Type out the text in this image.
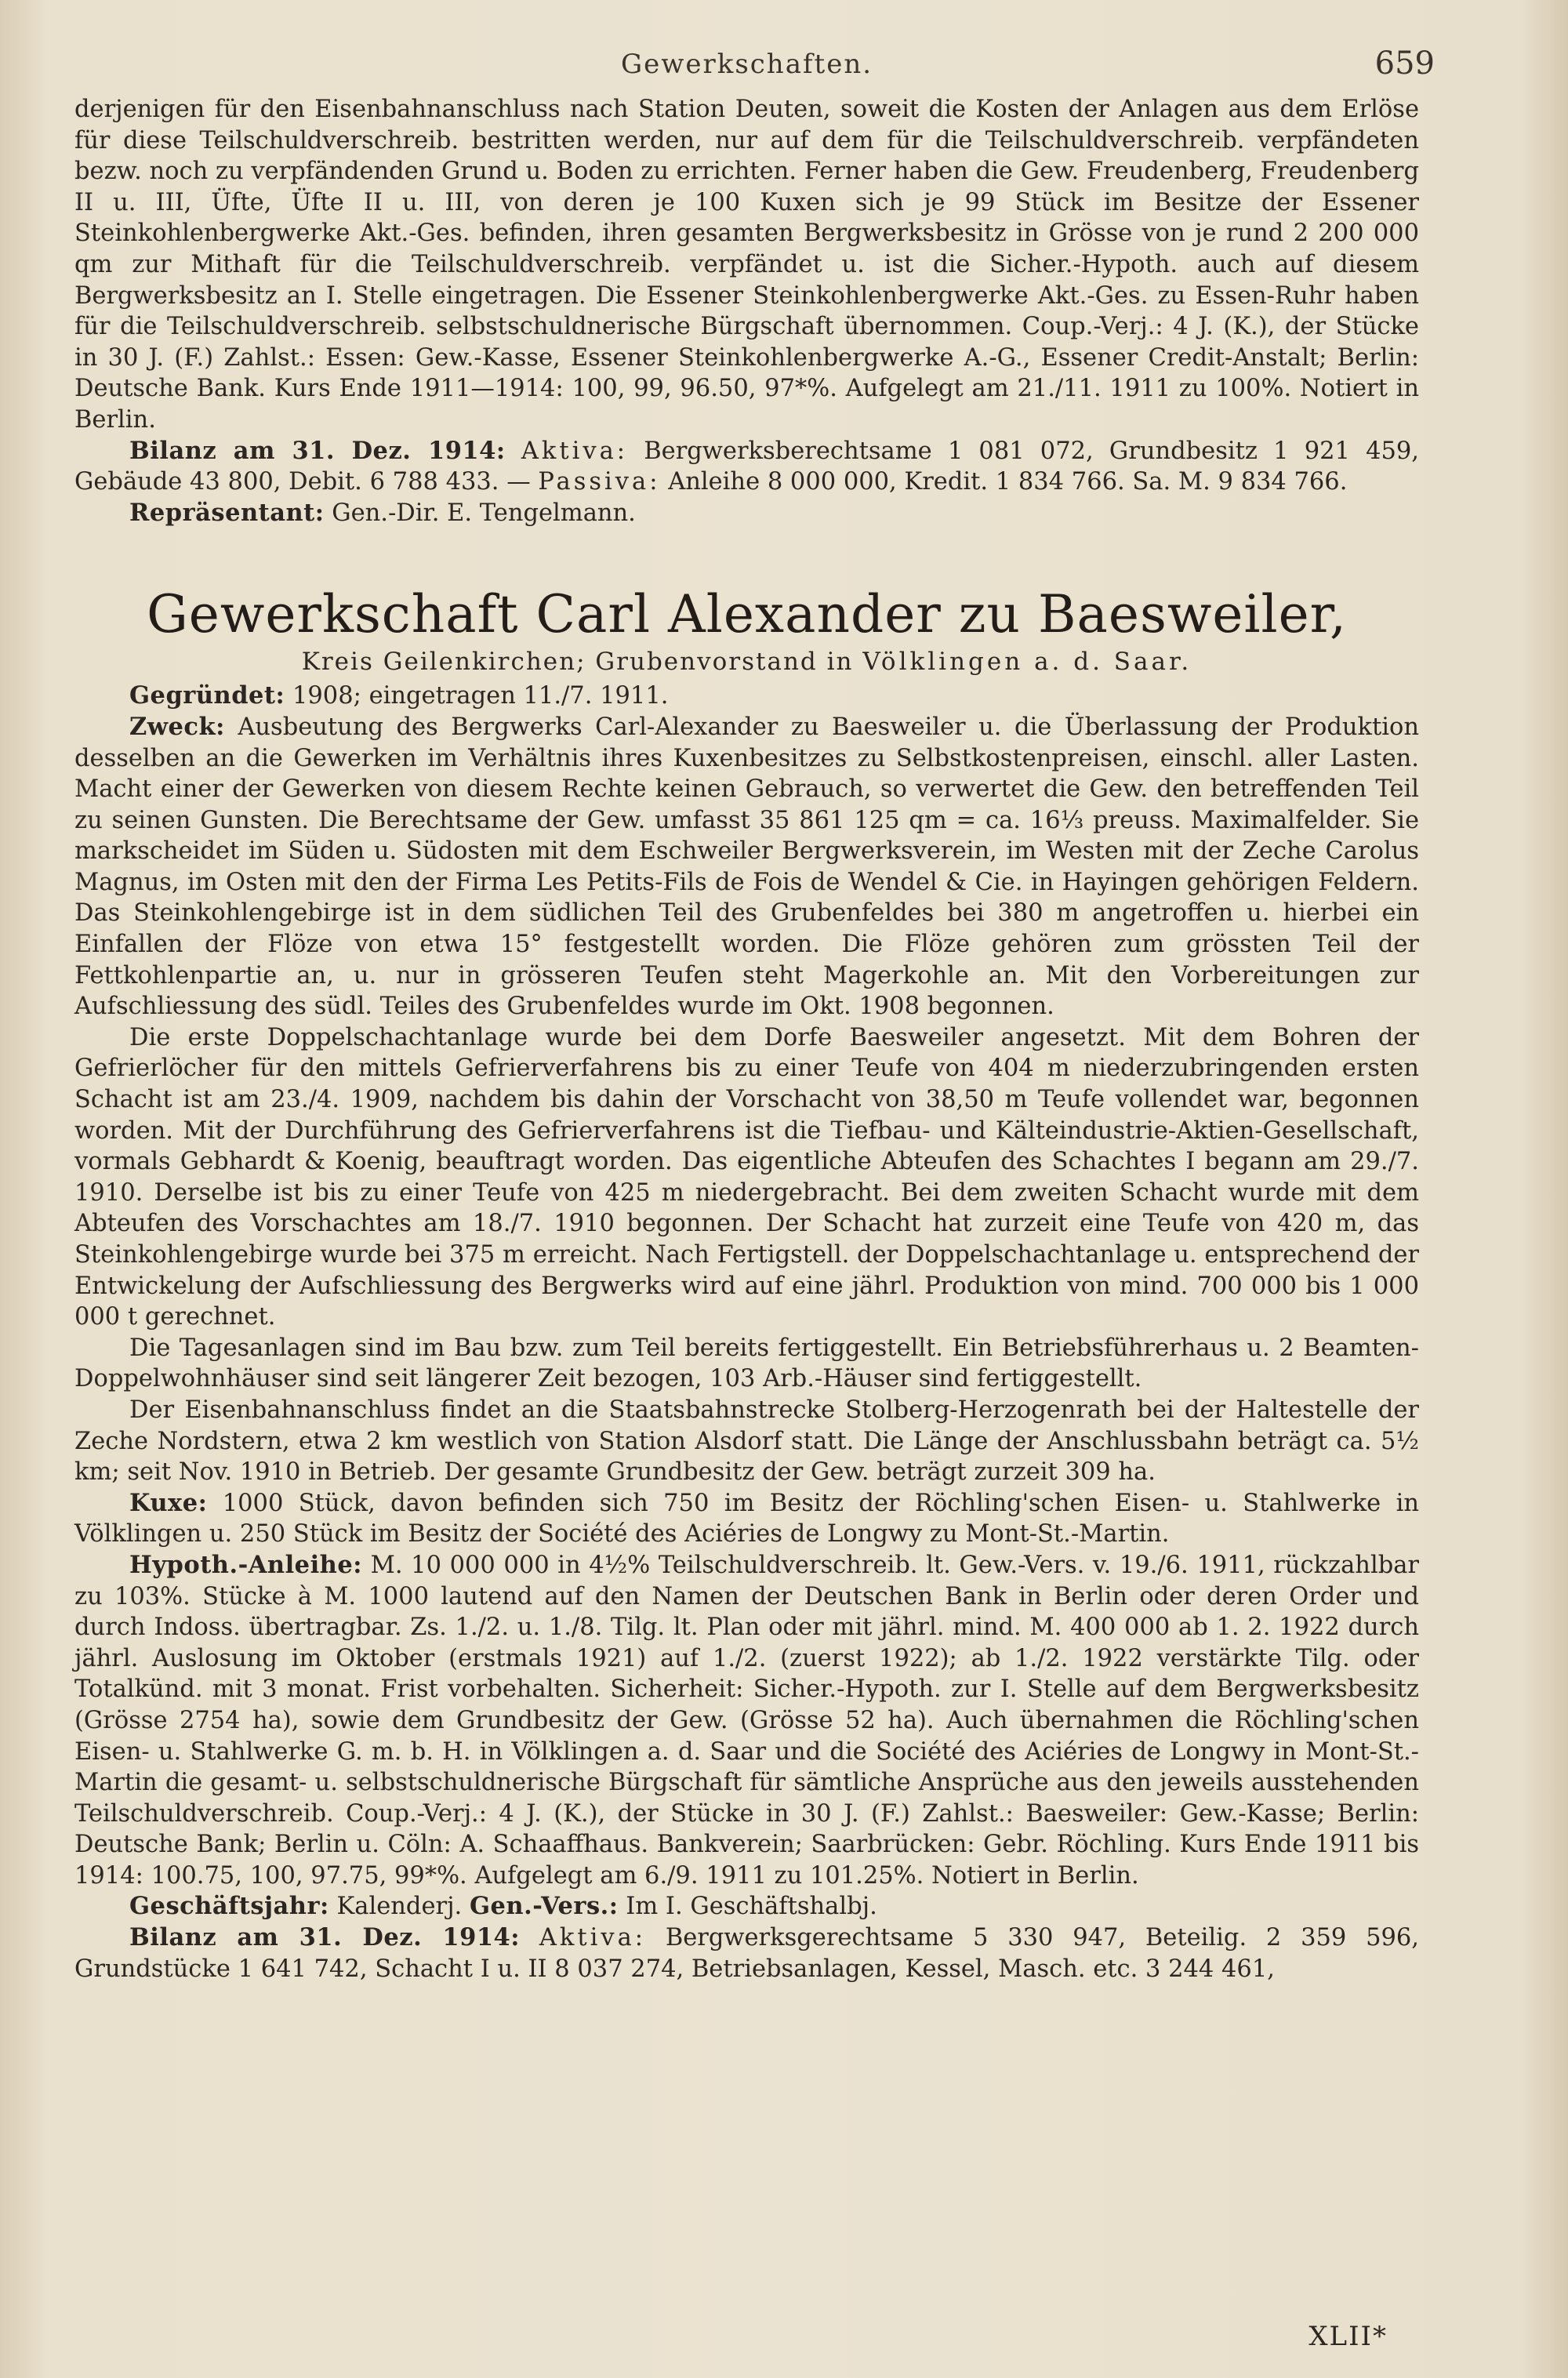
Gewerkschaften.	659

derjenigen für den Eisenbahnanschluss nach Station Deuten, soweit die Kosten der Anlagen aus dem Erlöse für diese Teilschuldverschreib. bestritten werden, nur auf dem für die Teilschuldverschreib. verpfändeten bezw. noch zu verpfändenden Grund u. Boden zu errichten. Ferner haben die Gew. Freudenberg, Freudenberg II u. III, Üfte, Üfte II u. III, von deren je 100 Kuxen sich je 99 Stück im Besitze der Essener Steinkohlenbergwerke Akt.-Ges. befinden, ihren gesamten Bergwerksbesitz in Grösse von je rund 2 200 000 qm zur Mithaft für die Teilschuldverschreib. verpfändet u. ist die Sicher.-Hypoth. auch auf diesem Bergwerksbesitz an I. Stelle eingetragen. Die Essener Steinkohlenbergwerke Akt.-Ges. zu Essen-Ruhr haben für die Teilschuldverschreib. selbstschuldnerische Bürgschaft übernommen. Coup.-Verj.: 4 J. (K.), der Stücke in 30 J. (F.) Zahlst.: Essen: Gew.-Kasse, Essener Steinkohlenbergwerke A.-G., Essener Credit-Anstalt; Berlin: Deutsche Bank. Kurs Ende 1911—1914: 100, 99, 96.50, 97*%. Aufgelegt am 21./11. 1911 zu 100%. Notiert in Berlin.

Bilanz am 31. Dez. 1914: Aktiva: Bergwerksberechtsame 1 081 072, Grundbesitz 1 921 459, Gebäude 43 800, Debit. 6 788 433. — Passiva: Anleihe 8 000 000, Kredit. 1 834 766. Sa. M. 9 834 766.

Repräsentant: Gen.-Dir. E. Tengelmann.

Gewerkschaft Carl Alexander zu Baesweiler,

Kreis Geilenkirchen; Grubenvorstand in Völklingen a. d. Saar.

Gegründet: 1908; eingetragen 11./7. 1911.

Zweck: Ausbeutung des Bergwerks Carl-Alexander zu Baesweiler u. die Überlassung der Produktion desselben an die Gewerken im Verhältnis ihres Kuxenbesitzes zu Selbstkostenpreisen, einschl. aller Lasten. Macht einer der Gewerken von diesem Rechte keinen Gebrauch, so verwertet die Gew. den betreffenden Teil zu seinen Gunsten. Die Berechtsame der Gew. umfasst 35 861 125 qm = ca. 16⅓ preuss. Maximalfelder. Sie markscheidet im Süden u. Südosten mit dem Eschweiler Bergwerksverein, im Westen mit der Zeche Carolus Magnus, im Osten mit den der Firma Les Petits-Fils de Fois de Wendel & Cie. in Hayingen gehörigen Feldern. Das Steinkohlengebirge ist in dem südlichen Teil des Grubenfeldes bei 380 m angetroffen u. hierbei ein Einfallen der Flöze von etwa 15° festgestellt worden. Die Flöze gehören zum grössten Teil der Fettkohlenpartie an, u. nur in grösseren Teufen steht Magerkohle an. Mit den Vorbereitungen zur Aufschliessung des südl. Teiles des Grubenfeldes wurde im Okt. 1908 begonnen.

Die erste Doppelschachtanlage wurde bei dem Dorfe Baesweiler angesetzt. Mit dem Bohren der Gefrierlöcher für den mittels Gefrierverfahrens bis zu einer Teufe von 404 m niederzubringenden ersten Schacht ist am 23./4. 1909, nachdem bis dahin der Vorschacht von 38,50 m Teufe vollendet war, begonnen worden. Mit der Durchführung des Gefrierverfahrens ist die Tiefbau- und Kälteindustrie-Aktien-Gesellschaft, vormals Gebhardt & Koenig, beauftragt worden. Das eigentliche Abteufen des Schachtes I begann am 29./7. 1910. Derselbe ist bis zu einer Teufe von 425 m niedergebracht. Bei dem zweiten Schacht wurde mit dem Abteufen des Vorschachtes am 18./7. 1910 begonnen. Der Schacht hat zurzeit eine Teufe von 420 m, das Steinkohlengebirge wurde bei 375 m erreicht. Nach Fertigstell. der Doppelschachtanlage u. entsprechend der Entwickelung der Aufschliessung des Bergwerks wird auf eine jährl. Produktion von mind. 700 000 bis 1 000 000 t gerechnet.

Die Tagesanlagen sind im Bau bzw. zum Teil bereits fertiggestellt. Ein Betriebsführerhaus u. 2 Beamten-Doppelwohnhäuser sind seit längerer Zeit bezogen, 103 Arb.-Häuser sind fertiggestellt.

Der Eisenbahnanschluss findet an die Staatsbahnstrecke Stolberg-Herzogenrath bei der Haltestelle der Zeche Nordstern, etwa 2 km westlich von Station Alsdorf statt. Die Länge der Anschlussbahn beträgt ca. 5½ km; seit Nov. 1910 in Betrieb. Der gesamte Grundbesitz der Gew. beträgt zurzeit 309 ha.

Kuxe: 1000 Stück, davon befinden sich 750 im Besitz der Röchling'schen Eisen- u. Stahlwerke in Völklingen u. 250 Stück im Besitz der Société des Aciéries de Longwy zu Mont-St.-Martin.

Hypoth.-Anleihe: M. 10 000 000 in 4½% Teilschuldverschreib. lt. Gew.-Vers. v. 19./6. 1911, rückzahlbar zu 103%. Stücke à M. 1000 lautend auf den Namen der Deutschen Bank in Berlin oder deren Order und durch Indoss. übertragbar. Zs. 1./2. u. 1./8. Tilg. lt. Plan oder mit jährl. mind. M. 400 000 ab 1. 2. 1922 durch jährl. Auslosung im Oktober (erstmals 1921) auf 1./2. (zuerst 1922); ab 1./2. 1922 verstärkte Tilg. oder Totalkünd. mit 3 monat. Frist vorbehalten. Sicherheit: Sicher.-Hypoth. zur I. Stelle auf dem Bergwerksbesitz (Grösse 2754 ha), sowie dem Grundbesitz der Gew. (Grösse 52 ha). Auch übernahmen die Röchling'schen Eisen- u. Stahlwerke G. m. b. H. in Völklingen a. d. Saar und die Société des Aciéries de Longwy in Mont-St.-Martin die gesamt- u. selbstschuldnerische Bürgschaft für sämtliche Ansprüche aus den jeweils ausstehenden Teilschuldverschreib. Coup.-Verj.: 4 J. (K.), der Stücke in 30 J. (F.) Zahlst.: Baesweiler: Gew.-Kasse; Berlin: Deutsche Bank; Berlin u. Cöln: A. Schaaffhaus. Bankverein; Saarbrücken: Gebr. Röchling. Kurs Ende 1911 bis 1914: 100.75, 100, 97.75, 99*%. Aufgelegt am 6./9. 1911 zu 101.25%. Notiert in Berlin.

Geschäftsjahr: Kalenderj. Gen.-Vers.: Im I. Geschäftshalbj.

Bilanz am 31. Dez. 1914: Aktiva: Bergwerksgerechtsame 5 330 947, Beteilig. 2 359 596, Grundstücke 1 641 742, Schacht I u. II 8 037 274, Betriebsanlagen, Kessel, Masch. etc. 3 244 461,

XLII*
